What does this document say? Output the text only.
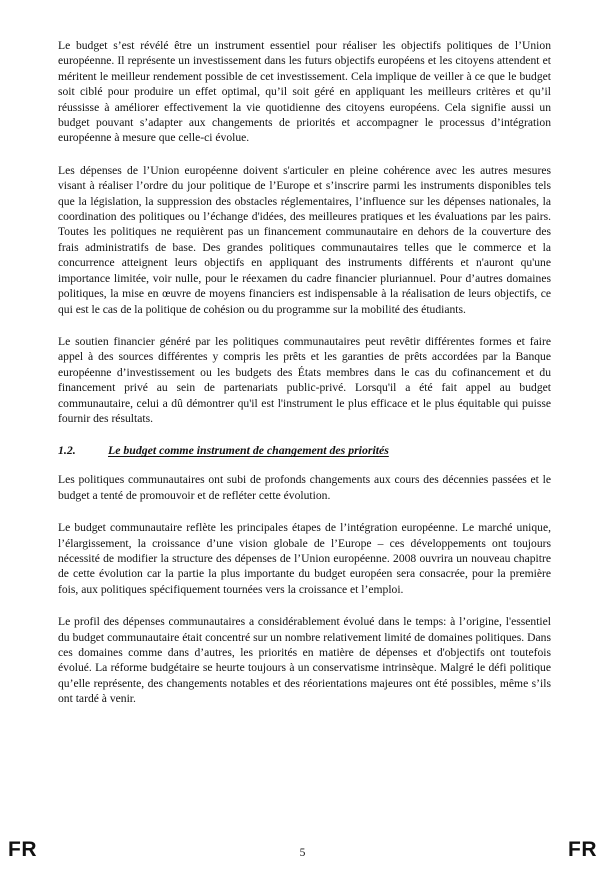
Le budget s’est révélé être un instrument essentiel pour réaliser les objectifs politiques de l’Union européenne. Il représente un investissement dans les futurs objectifs européens et les citoyens attendent et méritent le meilleur rendement possible de cet investissement. Cela implique de veiller à ce que le budget soit ciblé pour produire un effet optimal, qu’il soit géré en appliquant les meilleurs critères et qu’il réussisse à améliorer effectivement la vie quotidienne des citoyens européens. Cela signifie aussi un budget pouvant s’adapter aux changements de priorités et accompagner le processus d’intégration européenne à mesure que celle-ci évolue.

Les dépenses de l’Union européenne doivent s'articuler en pleine cohérence avec les autres mesures visant à réaliser l’ordre du jour politique de l’Europe et s’inscrire parmi les instruments disponibles tels que la législation, la suppression des obstacles réglementaires, l’influence sur les dépenses nationales, la coordination des politiques ou l’échange d'idées, des meilleures pratiques et les évaluations par les pairs. Toutes les politiques ne requièrent pas un financement communautaire en dehors de la couverture des frais administratifs de base. Des grandes politiques communautaires telles que le commerce et la concurrence atteignent leurs objectifs en appliquant des instruments différents et n'auront qu'une importance limitée, voir nulle, pour le réexamen du cadre financier pluriannuel. Pour d’autres domaines politiques, la mise en œuvre de moyens financiers est indispensable à la réalisation de leurs objectifs, ce qui est le cas de la politique de cohésion ou du programme sur la mobilité des étudiants.

Le soutien financier généré par les politiques communautaires peut revêtir différentes formes et faire appel à des sources différentes y compris les prêts et les garanties de prêts accordées par la Banque européenne d’investissement ou les budgets des États membres dans le cas du cofinancement et du financement privé au sein de partenariats public-privé. Lorsqu'il a été fait appel au budget communautaire, celui a dû démontrer qu'il est l'instrument le plus efficace et le plus équitable qui puisse fournir des résultats.

1.2.	Le budget comme instrument de changement des priorités

Les politiques communautaires ont subi de profonds changements aux cours des décennies passées et le budget a tenté de promouvoir et de refléter cette évolution.

Le budget communautaire reflète les principales étapes de l’intégration européenne. Le marché unique, l’élargissement, la croissance d’une vision globale de l’Europe – ces développements ont toujours nécessité de modifier la structure des dépenses de l’Union européenne. 2008 ouvrira un nouveau chapitre de cette évolution car la partie la plus importante du budget européen sera consacrée, pour la première fois, aux politiques spécifiquement tournées vers la croissance et l’emploi.

Le profil des dépenses communautaires a considérablement évolué dans le temps: à l’origine, l'essentiel du budget communautaire était concentré sur un nombre relativement limité de domaines politiques. Dans ces domaines comme dans d’autres, les priorités en matière de dépenses et d'objectifs ont toutefois évolué. La réforme budgétaire se heurte toujours à un conservatisme intrinsèque. Malgré le défi politique qu’elle représente, des changements notables et des réorientations majeures ont été possibles, même s’ils ont tardé à venir.

FR	5	FR
